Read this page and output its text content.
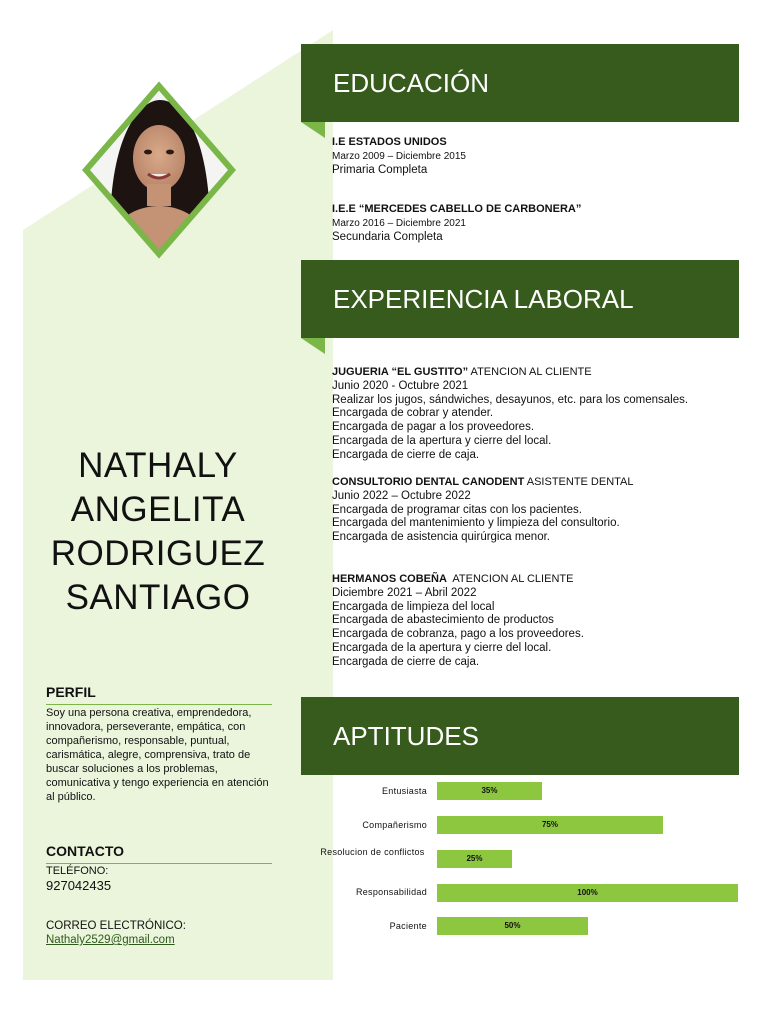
NATHALY
ANGELITA
RODRIGUEZ
SANTIAGO
PERFIL
Soy una persona creativa, emprendedora, innovadora, perseverante, empática, con compañerismo, responsable, puntual, carismática, alegre, comprensiva, trato de buscar soluciones a los problemas, comunicativa y tengo experiencia en atención al público.
CONTACTO
TELÉFONO:
927042435
CORREO ELECTRÓNICO:
Nathaly2529@gmail.com
EDUCACIÓN
I.E ESTADOS UNIDOS
Marzo 2009 – Diciembre 2015
Primaria Completa
I.E.E “MERCEDES CABELLO DE CARBONERA”
Marzo 2016 – Diciembre 2021
Secundaria Completa
EXPERIENCIA LABORAL
JUGUERIA “EL GUSTITO” ATENCION AL CLIENTE
Junio 2020 - Octubre 2021
Realizar los jugos, sándwiches, desayunos, etc. para los comensales.
Encargada de cobrar y atender.
Encargada de pagar a los proveedores.
Encargada de la apertura y cierre del local.
Encargada de cierre de caja.
CONSULTORIO DENTAL CANODENT ASISTENTE DENTAL
Junio 2022 – Octubre 2022
Encargada de programar citas con los pacientes.
Encargada del mantenimiento y limpieza del consultorio.
Encargada de asistencia quirúrgica menor.
HERMANOS COBEÑA  ATENCION AL CLIENTE
Diciembre 2021 – Abril 2022
Encargada de limpieza del local
Encargada de abastecimiento de productos
Encargada de cobranza, pago a los proveedores.
Encargada de la apertura y cierre del local.
Encargada de cierre de caja.
APTITUDES
Entusiasta	35%
Compañerismo	75%
Resolucion de conflictos
25%
Responsabilidad	100%
Paciente	50%
